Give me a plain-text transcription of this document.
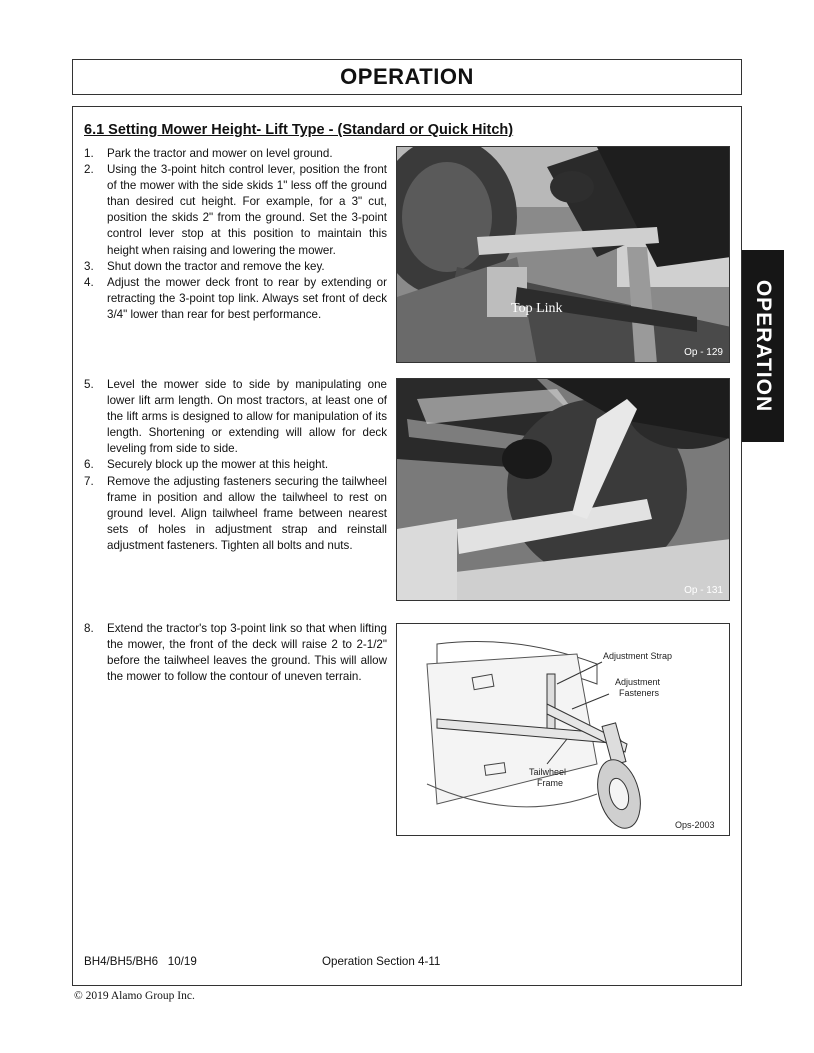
OPERATION
OPERATION
6.1 Setting Mower Height- Lift Type - (Standard or Quick Hitch)
1.	Park the tractor and mower on level ground.
2.	Using the 3-point hitch control lever, position the front of the mower with the side skids 1" less off the ground than desired cut height. For example, for a 3" cut, position the skids 2" from the ground. Set the 3-point control lever stop at this position to maintain this height when raising and lowering the mower.
3.	Shut down the tractor and remove the key.
4.	Adjust the mower deck front to rear by extending or retracting the 3-point top link. Always set front of deck 3/4" lower than rear for best performance.
5.	Level the mower side to side by manipulating one lower lift arm length. On most tractors, at least one of the lift arms is designed to allow for manipulation of its length. Shortening or extending will allow for deck leveling from side to side.
6.	Securely block up the mower at this height.
7.	Remove the adjusting fasteners securing the tailwheel frame in position and allow the tailwheel to rest on ground level. Align tailwheel frame between nearest sets of holes in adjustment strap and reinstall adjustment fasteners. Tighten all bolts and nuts.
8.	Extend the tractor's top 3-point link so that when lifting the mower, the front of the deck will raise 2 to 2-1/2" before the tailwheel leaves the ground. This will allow the mower to follow the contour of uneven terrain.
Top Link
Op - 129
Op - 131
Adjustment Strap
Adjustment
Fasteners
Tailwheel
Frame
Ops-2003
BH4/BH5/BH6   10/19	Operation Section 4-11
© 2019 Alamo Group Inc.
